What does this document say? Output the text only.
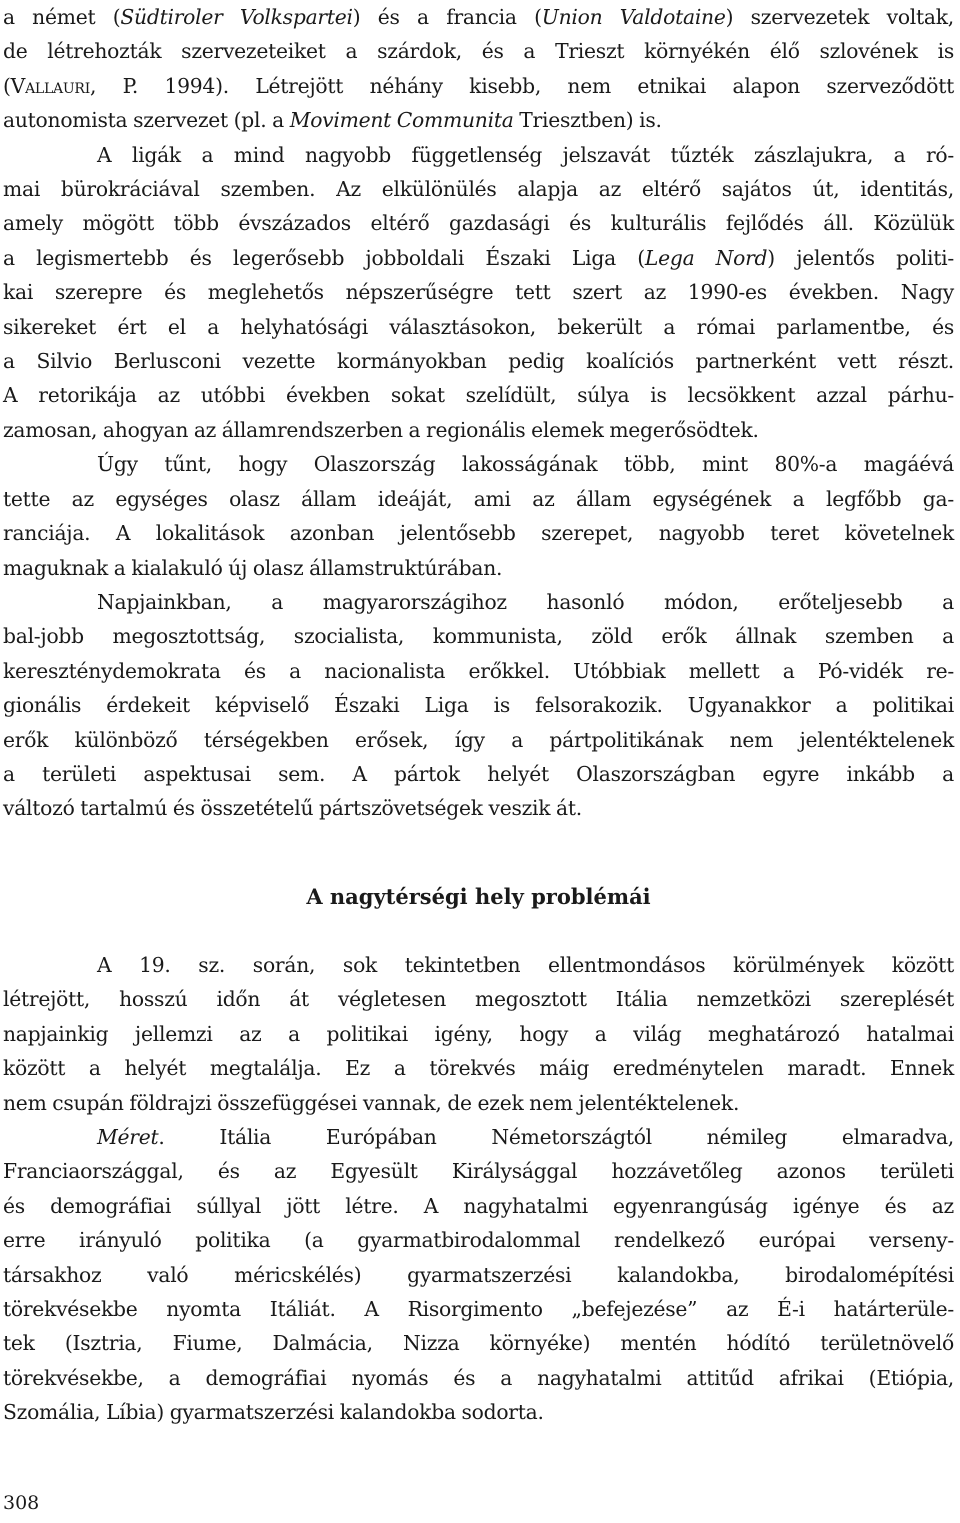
a német (Südtiroler Volkspartei) és a francia (Union Valdotaine) szervezetek voltak,
de létrehozták szervezeteiket a szárdok, és a Trieszt környékén élő szlovének is
(Vallauri, P. 1994). Létrejött néhány kisebb, nem etnikai alapon szerveződött
autonomista szervezet (pl. a Moviment Communita Triesztben) is.

A ligák a mind nagyobb függetlenség jelszavát tűzték zászlajukra, a ró-
mai bürokráciával szemben. Az elkülönülés alapja az eltérő sajátos út, identitás,
amely mögött több évszázados eltérő gazdasági és kulturális fejlődés áll. Közülük
a legismertebb és legerősebb jobboldali Északi Liga (Lega Nord) jelentős politi-
kai szerepre és meglehetős népszerűségre tett szert az 1990-es években. Nagy
sikereket ért el a helyhatósági választásokon, bekerült a római parlamentbe, és
a Silvio Berlusconi vezette kormányokban pedig koalíciós partnerként vett részt.
A retorikája az utóbbi években sokat szelídült, súlya is lecsökkent azzal párhu-
zamosan, ahogyan az államrendszerben a regionális elemek megerősödtek.

Úgy tűnt, hogy Olaszország lakosságának több, mint 80%-a magáévá
tette az egységes olasz állam ideáját, ami az állam egységének a legfőbb ga-
ranciája. A lokalitások azonban jelentősebb szerepet, nagyobb teret követelnek
maguknak a kialakuló új olasz államstruktúrában.

Napjainkban, a magyarországihoz hasonló módon, erőteljesebb a
bal-jobb megosztottság, szocialista, kommunista, zöld erők állnak szemben a
kereszténydemokrata és a nacionalista erőkkel. Utóbbiak mellett a Pó-vidék re-
gionális érdekeit képviselő Északi Liga is felsorakozik. Ugyanakkor a politikai
erők különböző térségekben erősek, így a pártpolitikának nem jelentéktelenek
a területi aspektusai sem. A pártok helyét Olaszországban egyre inkább a
változó tartalmú és összetételű pártszövetségek veszik át.

A nagytérségi hely problémái

A 19. sz. során, sok tekintetben ellentmondásos körülmények között
létrejött, hosszú időn át végletesen megosztott Itália nemzetközi szereplését
napjainkig jellemzi az a politikai igény, hogy a világ meghatározó hatalmai
között a helyét megtalálja. Ez a törekvés máig eredménytelen maradt. Ennek
nem csupán földrajzi összefüggései vannak, de ezek nem jelentéktelenek.

Méret. Itália Európában Németországtól némileg elmaradva,
Franciaországgal, és az Egyesült Királysággal hozzávetőleg azonos területi
és demográfiai súllyal jött létre. A nagyhatalmi egyenrangúság igénye és az
erre irányuló politika (a gyarmatbirodalommal rendelkező európai verseny-
társakhoz való méricskélés) gyarmatszerzési kalandokba, birodalomépítési
törekvésekbe nyomta Itáliát. A Risorgimento „befejezése” az É-i határterüle-
tek (Isztria, Fiume, Dalmácia, Nizza környéke) mentén hódító területnövelő
törekvésekbe, a demográfiai nyomás és a nagyhatalmi attitűd afrikai (Etiópia,
Szomália, Líbia) gyarmatszerzési kalandokba sodorta.

308
